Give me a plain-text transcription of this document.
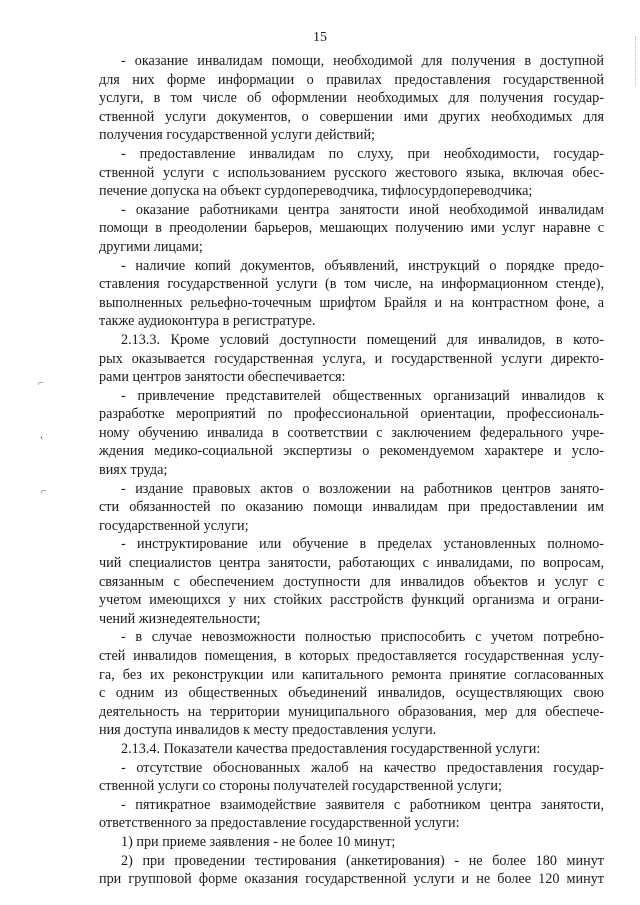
15
⌐
‹
⌐
- оказание инвалидам помощи, необходимой для получения в доступной
для них форме информации о правилах предоставления государственной
услуги, в том числе об оформлении необходимых для получения государ-
ственной услуги документов, о совершении ими других необходимых для
получения государственной услуги действий;
- предоставление инвалидам по слуху, при необходимости, государ-
ственной услуги с использованием русского жестового языка, включая обес-
печение допуска на объект сурдопереводчика, тифлосурдопереводчика;
- оказание работниками центра занятости иной необходимой инвалидам
помощи в преодолении барьеров, мешающих получению ими услуг наравне с
другими лицами;
- наличие копий документов, объявлений, инструкций о порядке предо-
ставления государственной услуги (в том числе, на информационном стенде),
выполненных рельефно-точечным шрифтом Брайля и на контрастном фоне, а
также аудиоконтура в регистратуре.
2.13.3. Кроме условий доступности помещений для инвалидов, в кото-
рых оказывается государственная услуга, и государственной услуги директо-
рами центров занятости обеспечивается:
- привлечение представителей общественных организаций инвалидов к
разработке мероприятий по профессиональной ориентации, профессиональ-
ному обучению инвалида в соответствии с заключением федерального учре-
ждения медико-социальной экспертизы о рекомендуемом характере и усло-
виях труда;
- издание правовых актов о возложении на работников центров занято-
сти обязанностей по оказанию помощи инвалидам при предоставлении им
государственной услуги;
- инструктирование или обучение в пределах установленных полномо-
чий специалистов центра занятости, работающих с инвалидами, по вопросам,
связанным с обеспечением доступности для инвалидов объектов и услуг с
учетом имеющихся у них стойких расстройств функций организма и ограни-
чений жизнедеятельности;
- в случае невозможности полностью приспособить с учетом потребно-
стей инвалидов помещения, в которых предоставляется государственная услу-
га, без их реконструкции или капитального ремонта принятие согласованных
с одним из общественных объединений инвалидов, осуществляющих свою
деятельность на территории муниципального образования, мер для обеспече-
ния доступа инвалидов к месту предоставления услуги.
2.13.4. Показатели качества предоставления государственной услуги:
- отсутствие обоснованных жалоб на качество предоставления государ-
ственной услуги со стороны получателей государственной услуги;
- пятикратное взаимодействие заявителя с работником центра занятости,
ответственного за предоставление государственной услуги:
1) при приеме заявления - не более 10 минут;
2) при проведении тестирования (анкетирования) - не более 180 минут
при групповой форме оказания государственной услуги и не более 120 минут
